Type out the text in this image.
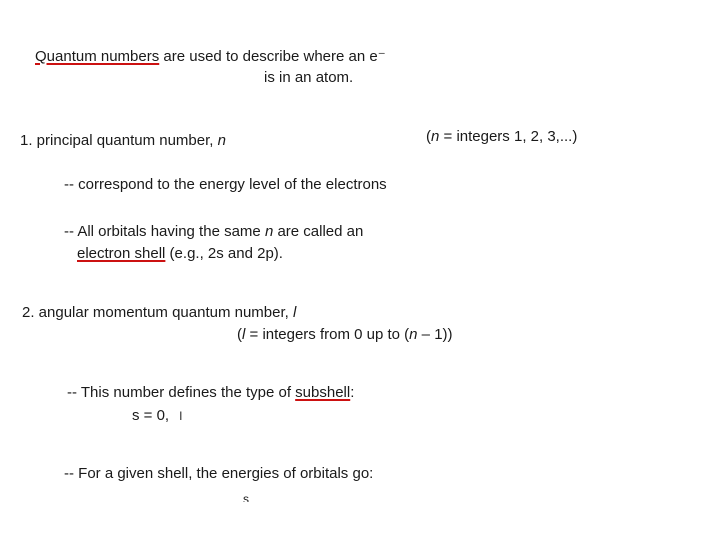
Quantum numbers are used to describe where an e⁻
is in an atom.
1. principal quantum number, n	(n = integers 1, 2, 3,...)
-- correspond to the energy level of the electrons
-- All orbitals having the same n are called an
electron shell (e.g., 2s and 2p).
2. angular momentum quantum number, l
(l = integers from 0 up to (n – 1))
-- This number defines the type of subshell:
s = 0, ǀ
-- For a given shell, the energies of orbitals go:
s
